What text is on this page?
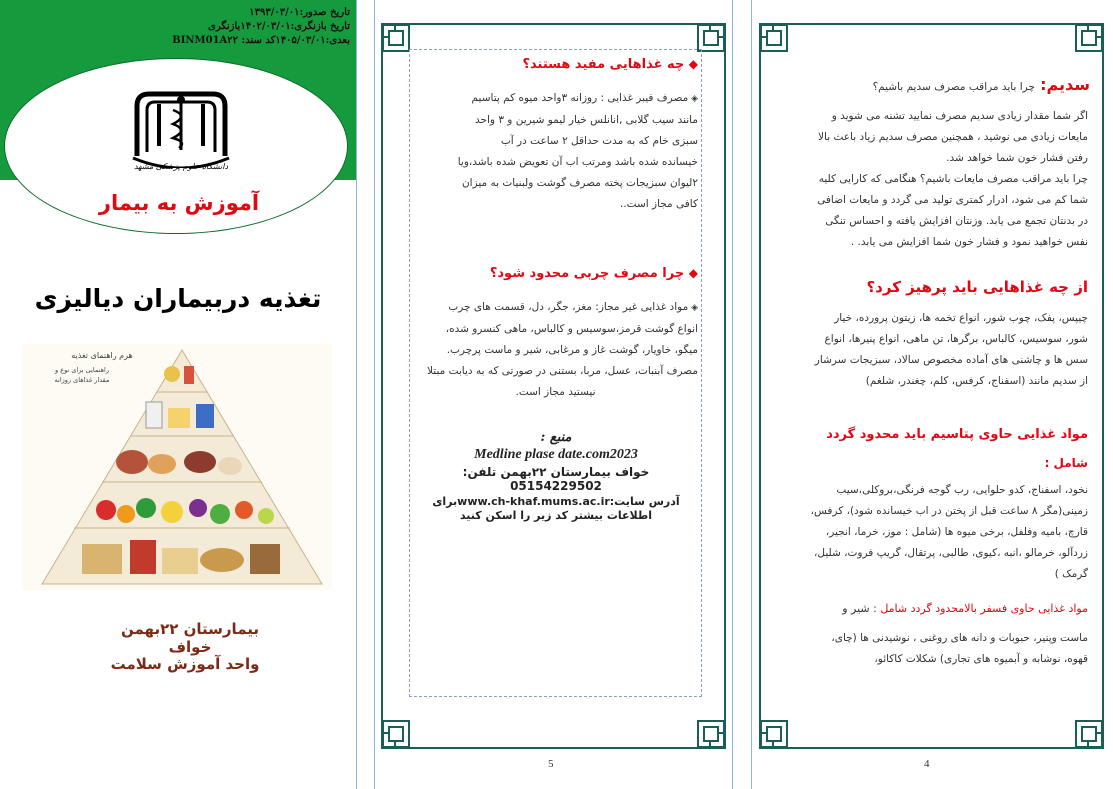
تاریخ صدور:۱۳۹۳/۰۳/۰۱
تاریخ بازنگری:۱۴۰۲/۰۳/۰۱بازنگری
بعدی:۱۴۰۵/۰۳/۰۱کد سند: BINM01A۲۲
دانشگاه علوم پزشکی مشهد
آموزش به بیمار
تغذیه دربیماران دیالیزی
هرم راهنمای تغذیه
راهنمایی برای نوع و
مقدار غذاهای روزانه
بیمارستان ۲۲بهمن خواف
واحد آموزش سلامت
◆ چه غذاهایی مفید هستند؟
◈ مصرف فیبر غذایی : روزانه ۳واحد میوه کم پتاسیم
مانند سیب گلابی ,انانلس خیار لیمو شیرین و ۳ واحد
سبزی خام که به مدت حداقل ۲ ساعت در آب
خیسانده شده باشد ومرتب اب آن تعویض شده باشد،ویا
۲لیوان سبزیجات پخته مصرف گوشت ولبنیات به میزان
کافی مجاز است..
◆ چرا مصرف چربی محدود شود؟
◈ مواد غذایی غیر مجاز: مغز، جگر، دل، قسمت های چرب
انواع گوشت قرمز،سوسیس و کالباس، ماهی کنسرو شده،
میگو، خاویار، گوشت غاز و مرغابی، شیر و ماست پرچرب.
مصرف آبنبات، عسل، مربا، بستنی در صورتی که به دیابت مبتلا
نیستید مجاز است.
منبع :
Medline plase date.com2023
خواف بیمارستان ۲۲بهمن تلفن: 05154229502
آدرس سایت:www.ch-khaf.mums.ac.irبرای
اطلاعات بیشتر کد زیر را اسکن کنید
5
سدیم: چرا باید مراقب مصرف سدیم باشیم؟
اگر شما مقدار زیادی سدیم مصرف نمایید تشنه می شوید و
مایعات زیادی می نوشید ، همچنین مصرف سدیم زیاد باعث بالا
رفتن فشار خون شما خواهد شد.
چرا باید مراقب مصرف مایعات باشیم؟ هنگامی که کارایی کلیه
شما کم می شود، ادرار کمتری تولید می گردد و مایعات اضافی
در بدنتان تجمع می یابد. وزنتان افزایش یافته و احساس تنگی
نفس خواهید نمود و فشار خون شما افزایش می یابد. .
از چه غذاهایی باید پرهیز کرد؟
چیپس، پفک، چوب شور، انواع تخمه ها، زیتون پرورده، خیار
شور، سوسیس، کالباس، برگرها، تن ماهی، انواع پنیرها، انواع
سس ها و چاشنی های آماده مخصوص سالاد، سبزیجات سرشار
از سدیم مانند (اسفناج، کرفس، کلم، چغندر، شلغم)
مواد غذایی حاوی پتاسیم باید محدود گردد
شامل :
نخود، اسفناج، کدو حلوایی، رب گوجه فرنگی،بروکلی،سیب
زمینی(مگر ۸ ساعت قبل از پختن در اب خیسانده شود)، کرفس،
قارچ، بامیه وفلفل، برخی میوه ها (شامل : موز، خرما، انجیر،
زردآلو، خرمالو ،انبه ،کیوی، طالبی، پرتقال، گریپ فروت، شلیل،
گرمک )
مواد غذایی حاوی فسفر بالامحدود گردد شامل : شیر و
ماست وپنیر، حبوبات و دانه های روغنی ، نوشیدنی ها (چای،
قهوه، نوشابه و آبمیوه های تجاری) شکلات کاکائو،
4
